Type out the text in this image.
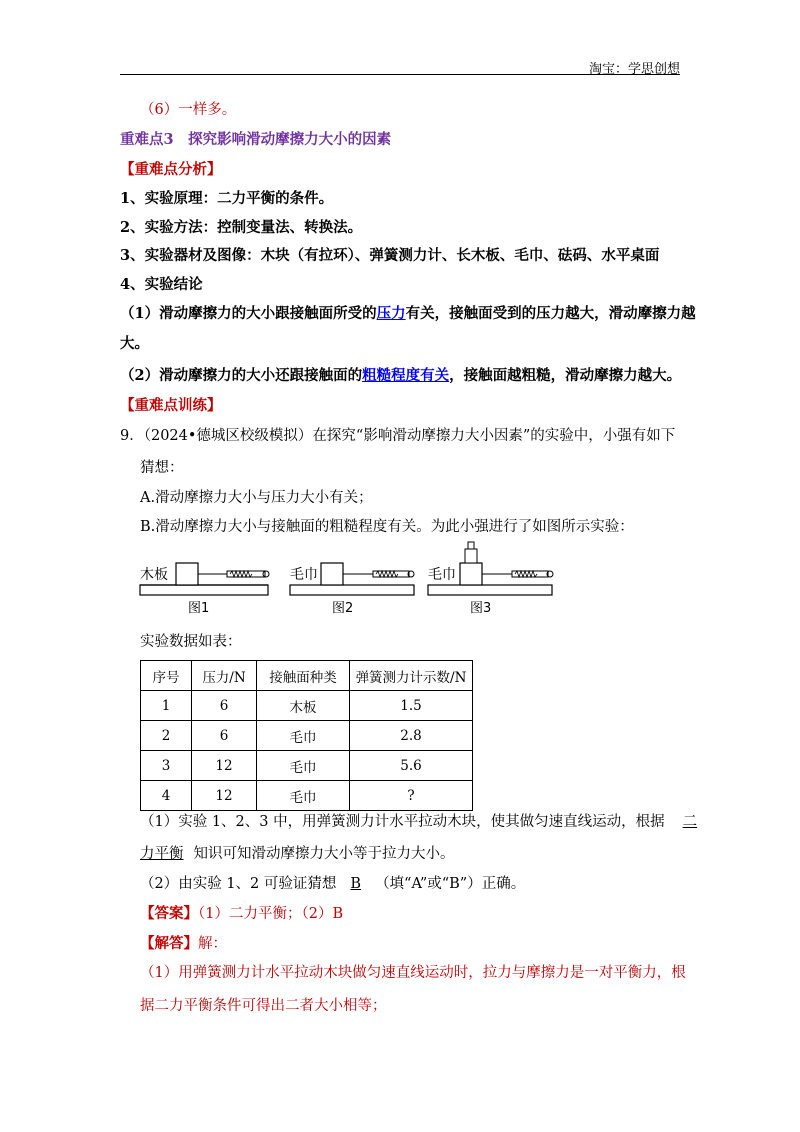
淘宝：学思创想
（6）一样多。
重难点3　探究影响滑动摩擦力大小的因素
【重难点分析】
1、实验原理：二力平衡的条件。
2、实验方法：控制变量法、转换法。
3、实验器材及图像：木块（有拉环）、弹簧测力计、长木板、毛巾、砝码、水平桌面
4、实验结论
（1）滑动摩擦力的大小跟接触面所受的压力有关，接触面受到的压力越大，滑动摩擦力越
大。
（2）滑动摩擦力的大小还跟接触面的粗糙程度有关，接触面越粗糙，滑动摩擦力越大。
【重难点训练】
9．（2024•德城区校级模拟）在探究“影响滑动摩擦力大小因素”的实验中，小强有如下
猜想：
A.滑动摩擦力大小与压力大小有关；
B.滑动摩擦力大小与接触面的粗糙程度有关。为此小强进行了如图所示实验：
木板
图1
毛巾
图2
毛巾
图3
实验数据如表：
序号	压力/N	接触面种类	弹簧测力计示数/N
1	6	木板	1.5
2	6	毛巾	2.8
3	12	毛巾	5.6
4	12	毛巾	?
（1）实验 1、2、3 中，用弹簧测力计水平拉动木块，使其做匀速直线运动，根据 二
力平衡 知识可知滑动摩擦力大小等于拉力大小。
（2）由实验 1、2 可验证猜想 B （填“A”或“B”）正确。
【答案】（1）二力平衡；（2）B
【解答】解：
（1）用弹簧测力计水平拉动木块做匀速直线运动时，拉力与摩擦力是一对平衡力，根
据二力平衡条件可得出二者大小相等；
